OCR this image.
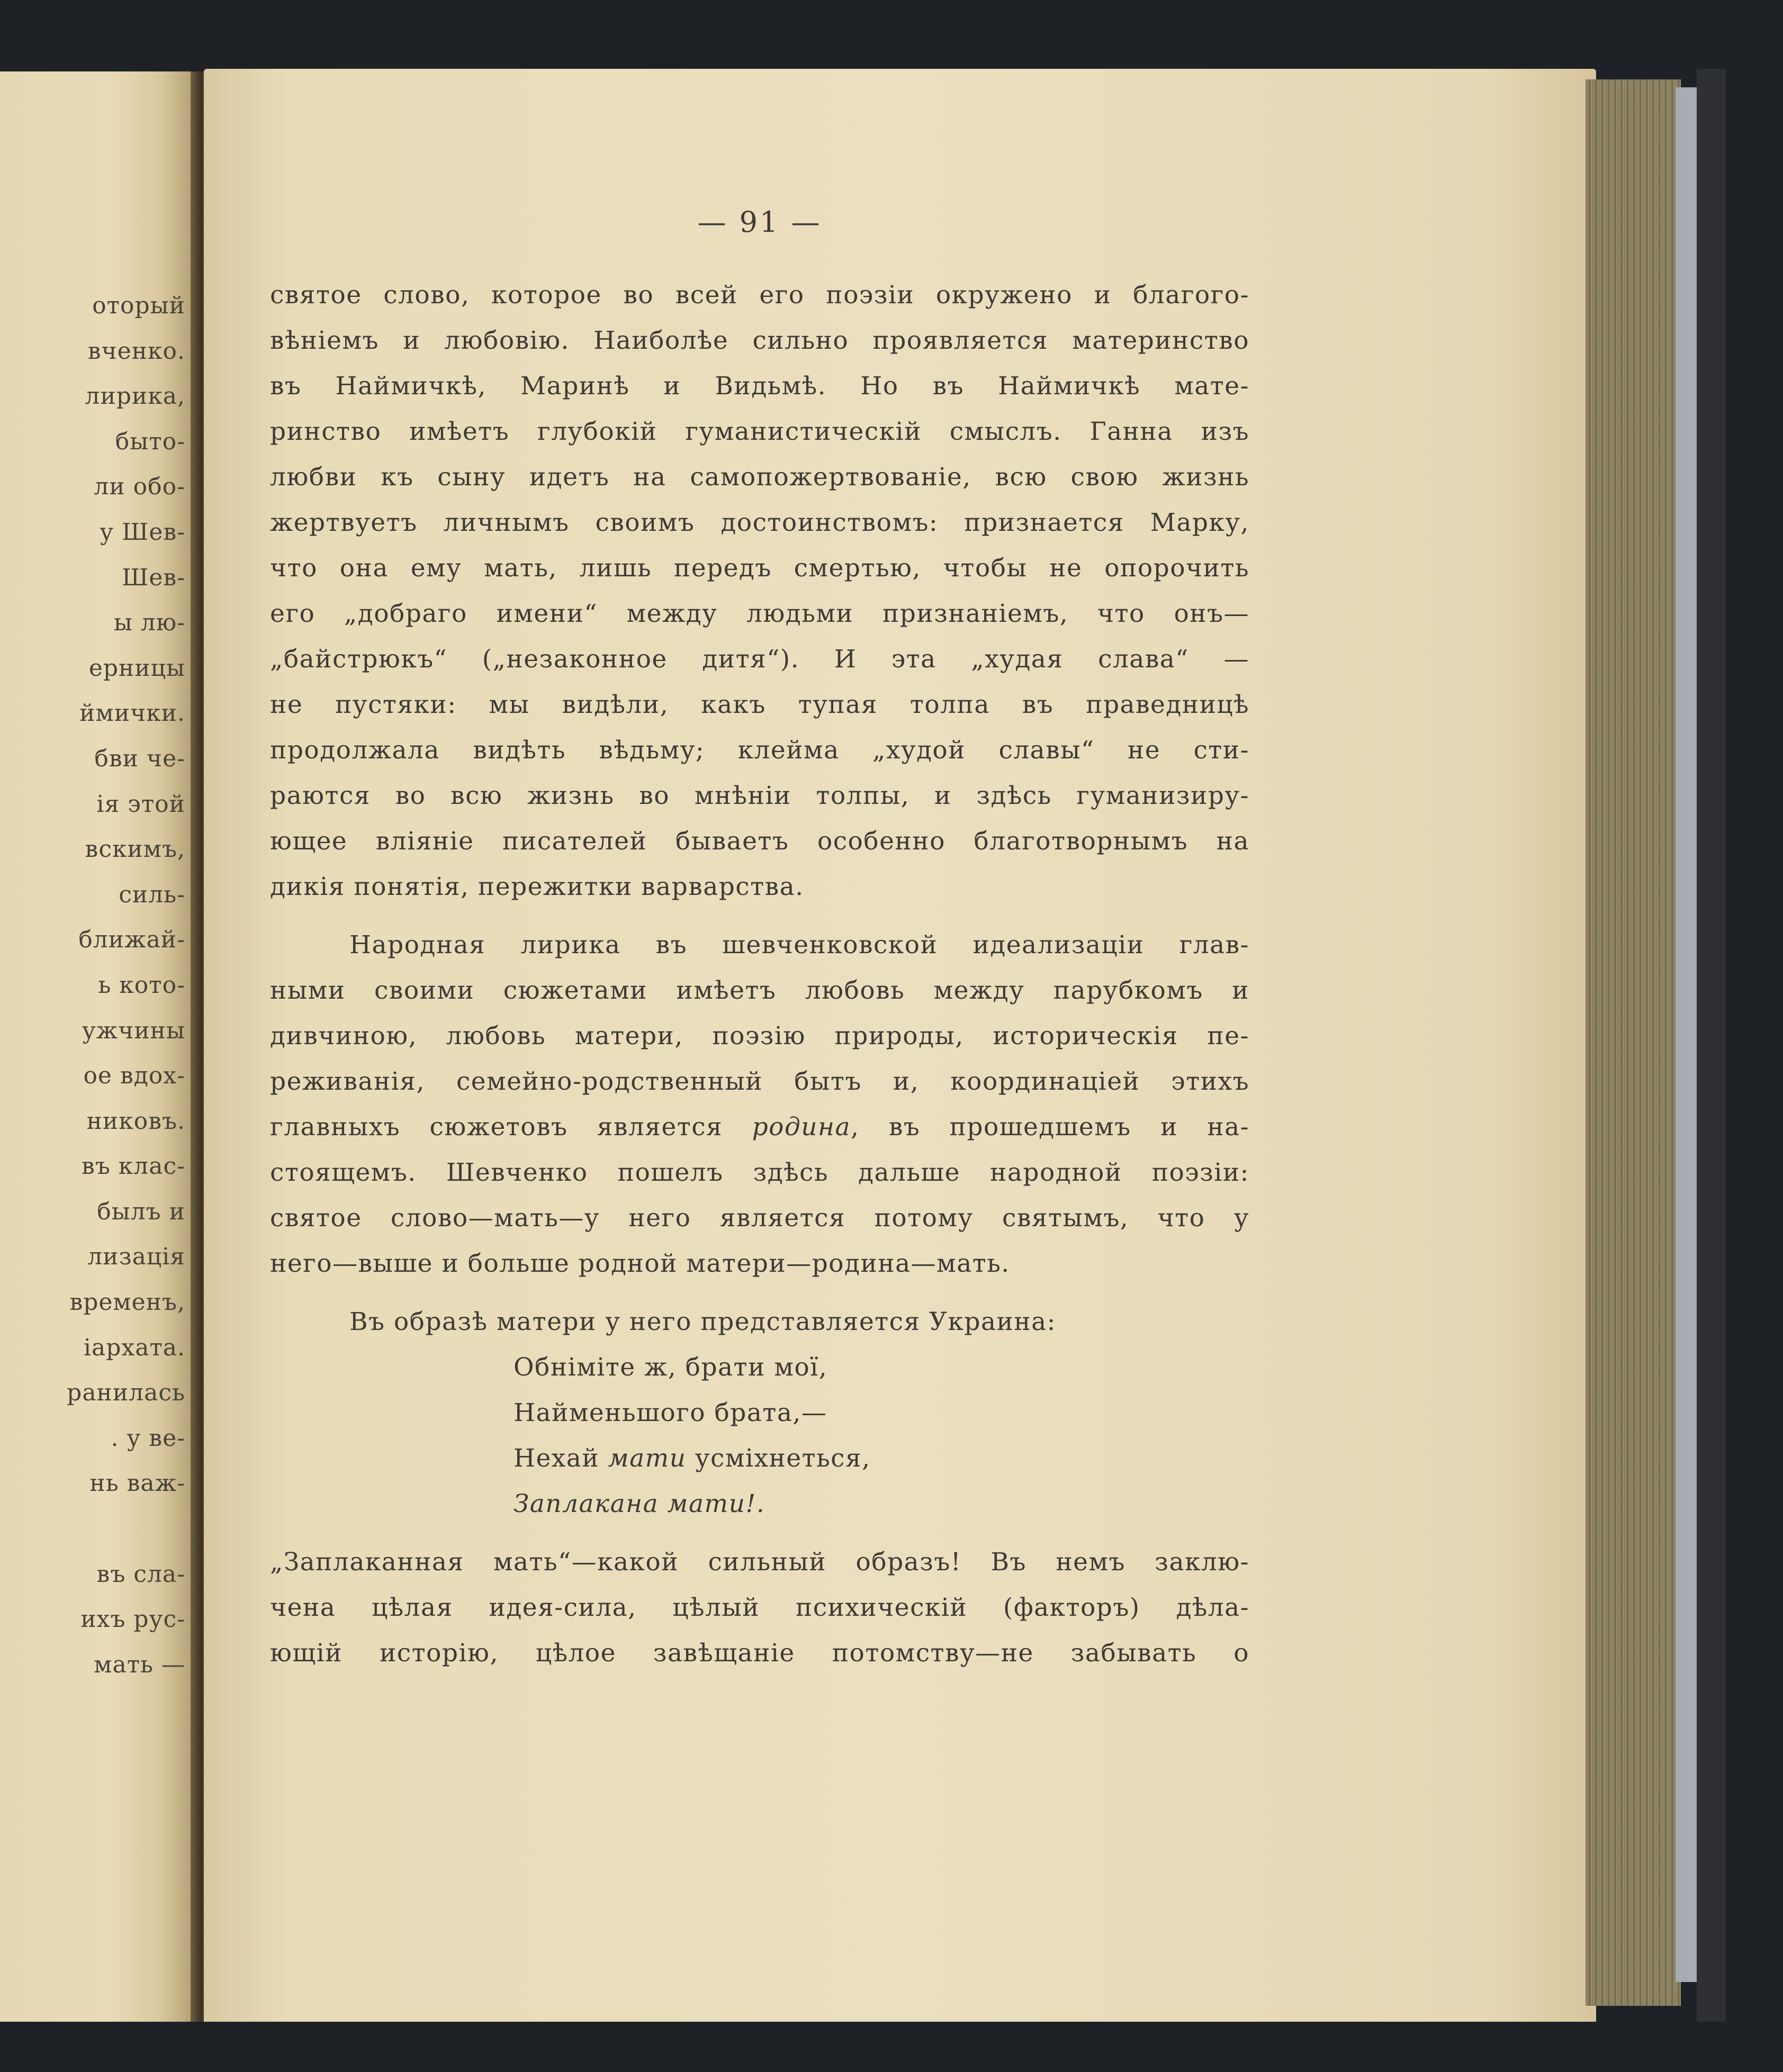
оторый
вченко.
лирика,
быто-
ли обо-
у Шев-
Шев-
ы лю-
ерницы
ймички.
бви че-
ія этой
вскимъ,
силь-
ближай-
ь кото-
ужчины
ое вдох-
никовъ.
въ клас-
былъ и
лизація
временъ,
іархата.
ранилась
. у ве-
нь важ-
въ сла-
ихъ рус-
мать —
— 91 —
святое слово, которое во всей его поэзіи окружено и благого-
вѣніемъ и любовію. Наиболѣе сильно проявляется материнство
въ Наймичкѣ, Маринѣ и Видьмѣ. Но въ Наймичкѣ мате-
ринство имѣетъ глубокій гуманистическій смыслъ. Ганна изъ
любви къ сыну идетъ на самопожертвованіе, всю свою жизнь
жертвуетъ личнымъ своимъ достоинствомъ: признается Марку,
что она ему мать, лишь передъ смертью, чтобы не опорочить
его „добраго имени“ между людьми признаніемъ, что онъ—
„байстрюкъ“ („незаконное дитя“). И эта „худая слава“ —
не пустяки: мы видѣли, какъ тупая толпа въ праведницѣ
продолжала видѣть вѣдьму; клейма „худой славы“ не сти-
раются во всю жизнь во мнѣніи толпы, и здѣсь гуманизиру-
ющее вліяніе писателей бываетъ особенно благотворнымъ на
дикія понятія, пережитки варварства.
Народная лирика въ шевченковской идеализаціи глав-
ными своими сюжетами имѣетъ любовь между парубкомъ и
дивчиною, любовь матери, поэзію природы, историческія пе-
реживанія, семейно-родственный бытъ и, координаціей этихъ
главныхъ сюжетовъ является родина, въ прошедшемъ и на-
стоящемъ. Шевченко пошелъ здѣсь дальше народной поэзіи:
святое слово—мать—у него является потому святымъ, что у
него—выше и больше родной матери—родина—мать.
Въ образѣ матери у него представляется Украина:
Обніміте ж, брати мої,
Найменьшого брата,—
Нехай мати усміхнеться,
Заплакана мати!.
„Заплаканная мать“—какой сильный образъ! Въ немъ заклю-
чена цѣлая идея-сила, цѣлый психическій (факторъ) дѣла-
ющій исторію, цѣлое завѣщаніе потомству—не забывать о
